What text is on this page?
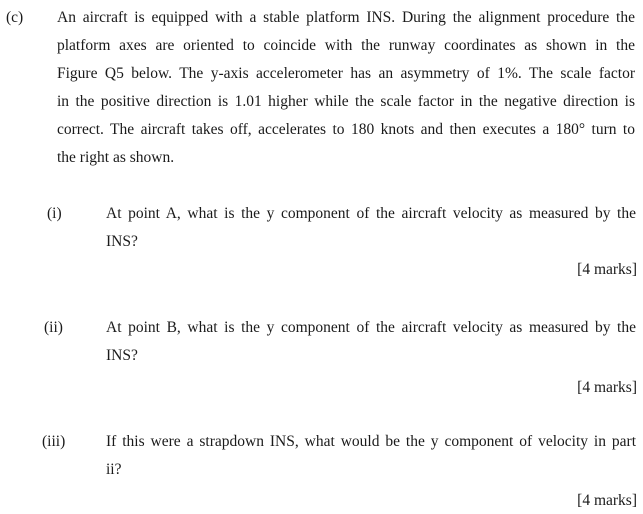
(c) An aircraft is equipped with a stable platform INS. During the alignment procedure the
platform axes are oriented to coincide with the runway coordinates as shown in the
Figure Q5 below. The y-axis accelerometer has an asymmetry of 1%. The scale factor
in the positive direction is 1.01 higher while the scale factor in the negative direction is
correct. The aircraft takes off, accelerates to 180 knots and then executes a 180° turn to
the right as shown.
(i)	At point A, what is the y component of the aircraft velocity as measured by the
INS?
[4 marks]
(ii)	At point B, what is the y component of the aircraft velocity as measured by the
INS?
[4 marks]
(iii)	If this were a strapdown INS, what would be the y component of velocity in part
ii?
[4 marks]
